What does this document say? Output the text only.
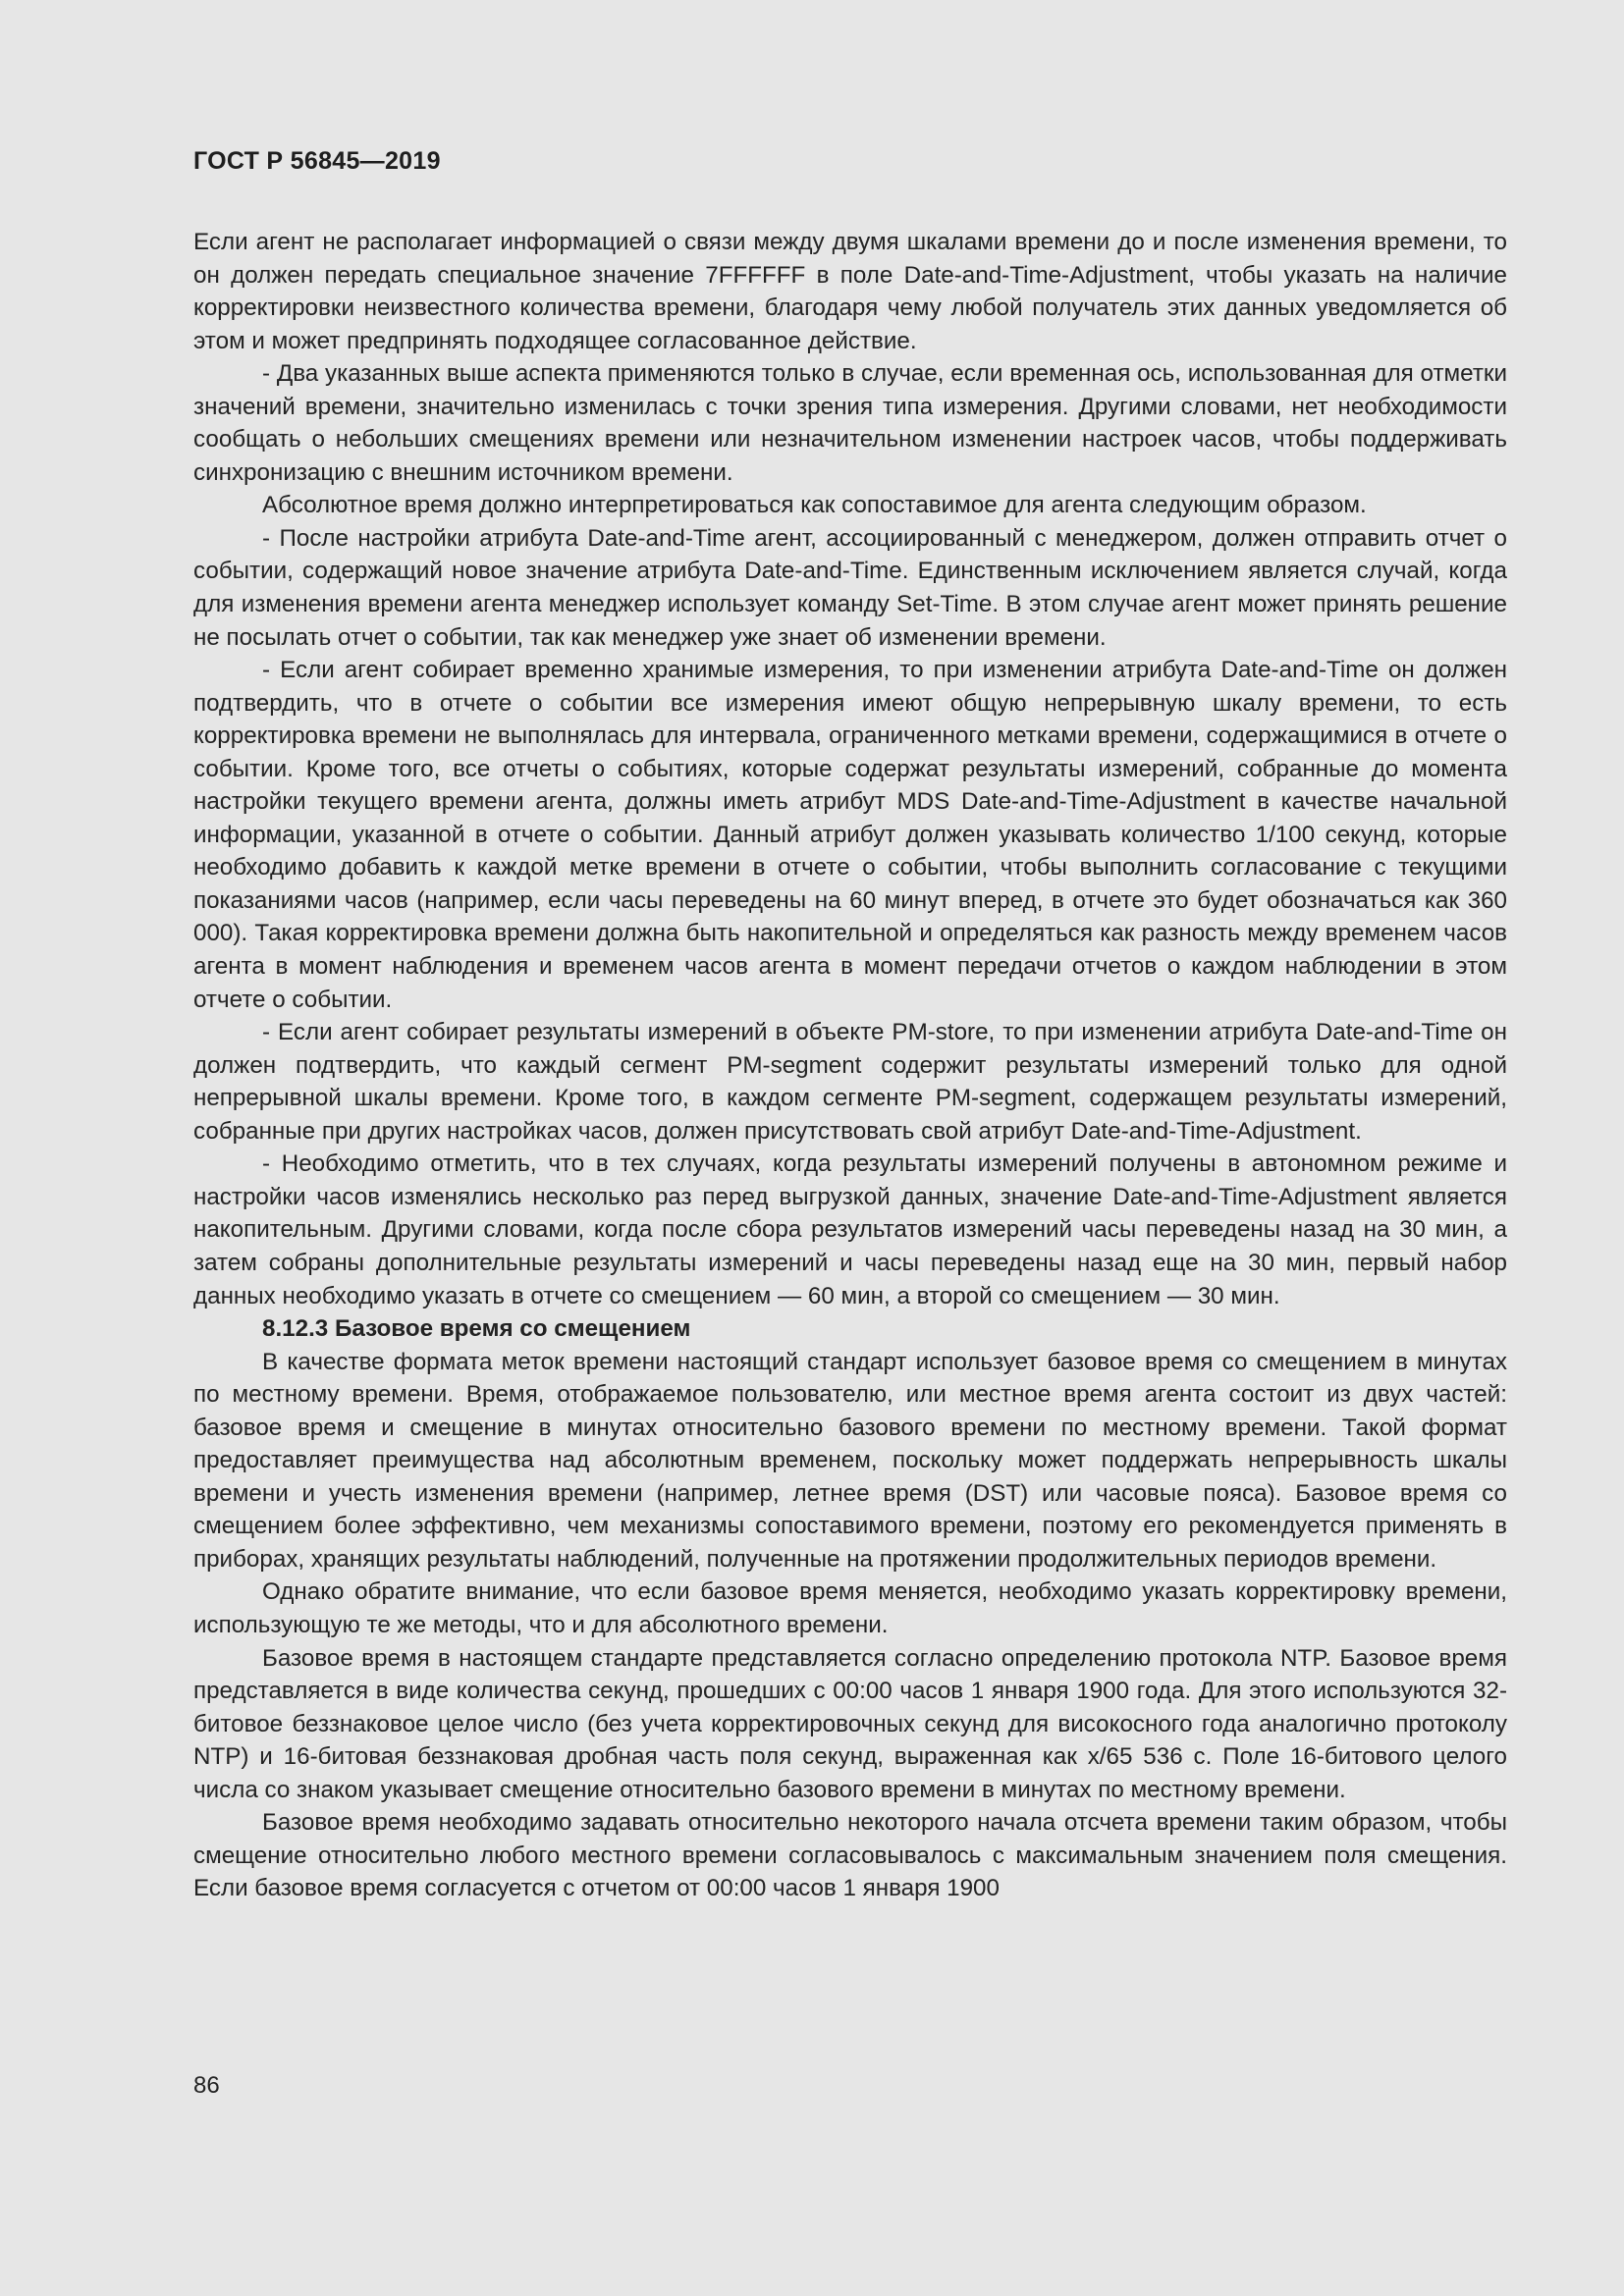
ГОСТ Р 56845—2019

Если агент не располагает информацией о связи между двумя шкалами времени до и после изменения времени, то он должен передать специальное значение 7FFFFFF в поле Date-and-Time-Adjustment, чтобы указать на наличие корректировки неизвестного количества времени, благодаря чему любой получатель этих данных уведомляется об этом и может предпринять подходящее согласованное действие.

- Два указанных выше аспекта применяются только в случае, если временная ось, использованная для отметки значений времени, значительно изменилась с точки зрения типа измерения. Другими словами, нет необходимости сообщать о небольших смещениях времени или незначительном изменении настроек часов, чтобы поддерживать синхронизацию с внешним источником времени.

Абсолютное время должно интерпретироваться как сопоставимое для агента следующим образом.

- После настройки атрибута Date-and-Time агент, ассоциированный с менеджером, должен отправить отчет о событии, содержащий новое значение атрибута Date-and-Time. Единственным исключением является случай, когда для изменения времени агента менеджер использует команду Set-Time. В этом случае агент может принять решение не посылать отчет о событии, так как менеджер уже знает об изменении времени.

- Если агент собирает временно хранимые измерения, то при изменении атрибута Date-and-Time он должен подтвердить, что в отчете о событии все измерения имеют общую непрерывную шкалу времени, то есть корректировка времени не выполнялась для интервала, ограниченного метками времени, содержащимися в отчете о событии. Кроме того, все отчеты о событиях, которые содержат результаты измерений, собранные до момента настройки текущего времени агента, должны иметь атрибут MDS Date-and-Time-Adjustment в качестве начальной информации, указанной в отчете о событии. Данный атрибут должен указывать количество 1/100 секунд, которые необходимо добавить к каждой метке времени в отчете о событии, чтобы выполнить согласование с текущими показаниями часов (например, если часы переведены на 60 минут вперед, в отчете это будет обозначаться как 360 000). Такая корректировка времени должна быть накопительной и определяться как разность между временем часов агента в момент наблюдения и временем часов агента в момент передачи отчетов о каждом наблюдении в этом отчете о событии.

- Если агент собирает результаты измерений в объекте PM-store, то при изменении атрибута Date-and-Time он должен подтвердить, что каждый сегмент PM-segment содержит результаты измерений только для одной непрерывной шкалы времени. Кроме того, в каждом сегменте PM-segment, содержащем результаты измерений, собранные при других настройках часов, должен присутствовать свой атрибут Date-and-Time-Adjustment.

- Необходимо отметить, что в тех случаях, когда результаты измерений получены в автономном режиме и настройки часов изменялись несколько раз перед выгрузкой данных, значение Date-and-Time-Adjustment является накопительным. Другими словами, когда после сбора результатов измерений часы переведены назад на 30 мин, а затем собраны дополнительные результаты измерений и часы переведены назад еще на 30 мин, первый набор данных необходимо указать в отчете со смещением — 60 мин, а второй со смещением — 30 мин.

8.12.3 Базовое время со смещением

В качестве формата меток времени настоящий стандарт использует базовое время со смещением в минутах по местному времени. Время, отображаемое пользователю, или местное время агента состоит из двух частей: базовое время и смещение в минутах относительно базового времени по местному времени. Такой формат предоставляет преимущества над абсолютным временем, поскольку может поддержать непрерывность шкалы времени и учесть изменения времени (например, летнее время (DST) или часовые пояса). Базовое время со смещением более эффективно, чем механизмы сопоставимого времени, поэтому его рекомендуется применять в приборах, хранящих результаты наблюдений, полученные на протяжении продолжительных периодов времени.

Однако обратите внимание, что если базовое время меняется, необходимо указать корректировку времени, использующую те же методы, что и для абсолютного времени.

Базовое время в настоящем стандарте представляется согласно определению протокола NTP. Базовое время представляется в виде количества секунд, прошедших с 00:00 часов 1 января 1900 года. Для этого используются 32-битовое беззнаковое целое число (без учета корректировочных секунд для високосного года аналогично протоколу NTP) и 16-битовая беззнаковая дробная часть поля секунд, выраженная как x/65 536 с. Поле 16-битового целого числа со знаком указывает смещение относительно базового времени в минутах по местному времени.

Базовое время необходимо задавать относительно некоторого начала отсчета времени таким образом, чтобы смещение относительно любого местного времени согласовывалось с максимальным значением поля смещения. Если базовое время согласуется с отчетом от 00:00 часов 1 января 1900

86
